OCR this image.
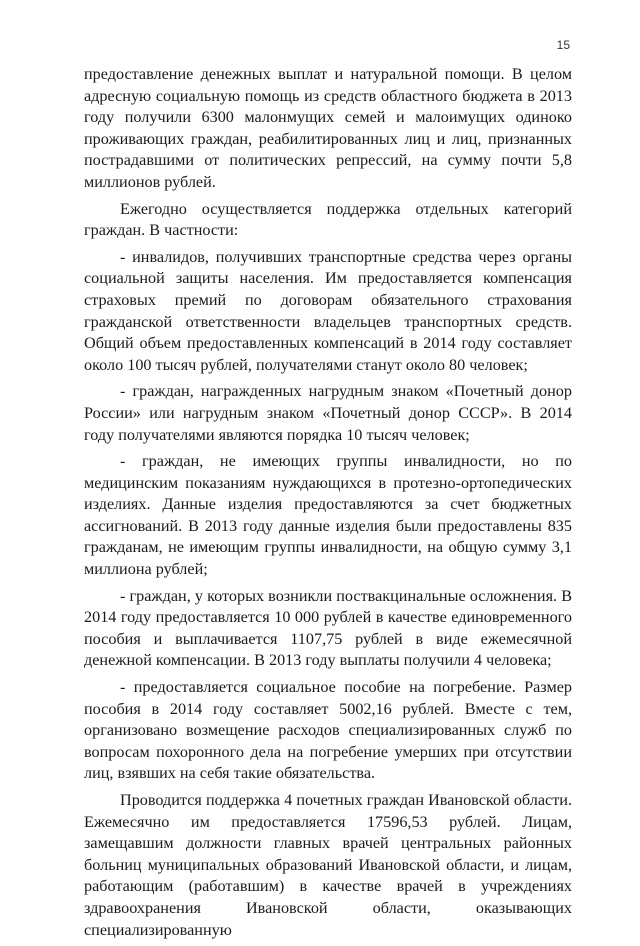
15

предоставление денежных выплат и натуральной помощи. В целом адресную социальную помощь из средств областного бюджета в 2013 году получили 6300 малонмущих семей и малоимущих одиноко проживающих граждан, реабилитированных лиц и лиц, признанных пострадавшими от политических репрессий, на сумму почти 5,8 миллионов рублей.

Ежегодно осуществляется поддержка отдельных категорий граждан. В частности:

- инвалидов, получивших транспортные средства через органы социальной защиты населения. Им предоставляется компенсация страховых премий по договорам обязательного страхования гражданской ответственности владельцев транспортных средств. Общий объем предоставленных компенсаций в 2014 году составляет около 100 тысяч рублей, получателями станут около 80 человек;

- граждан, награжденных нагрудным знаком «Почетный донор России» или нагрудным знаком «Почетный донор СССР». В 2014 году получателями являются порядка 10 тысяч человек;

- граждан, не имеющих группы инвалидности, но по медицинским показаниям нуждающихся в протезно-ортопедических изделиях. Данные изделия предоставляются за счет бюджетных ассигнований. В 2013 году данные изделия были предоставлены 835 гражданам, не имеющим группы инвалидности, на общую сумму 3,1 миллиона рублей;

- граждан, у которых возникли поствакцинальные осложнения. В 2014 году предоставляется 10 000 рублей в качестве единовременного пособия и выплачивается 1107,75 рублей в виде ежемесячной денежной компенсации. В 2013 году выплаты получили 4 человека;

- предоставляется социальное пособие на погребение. Размер пособия в 2014 году составляет 5002,16 рублей. Вместе с тем, организовано возмещение расходов специализированных служб по вопросам похоронного дела на погребение умерших при отсутствии лиц, взявших на себя такие обязательства.

Проводится поддержка 4 почетных граждан Ивановской области. Ежемесячно им предоставляется 17596,53 рублей. Лицам, замещавшим должности главных врачей центральных районных больниц муниципальных образований Ивановской области, и лицам, работающим (работавшим) в качестве врачей в учреждениях здравоохранения Ивановской области, оказывающих специализированную
